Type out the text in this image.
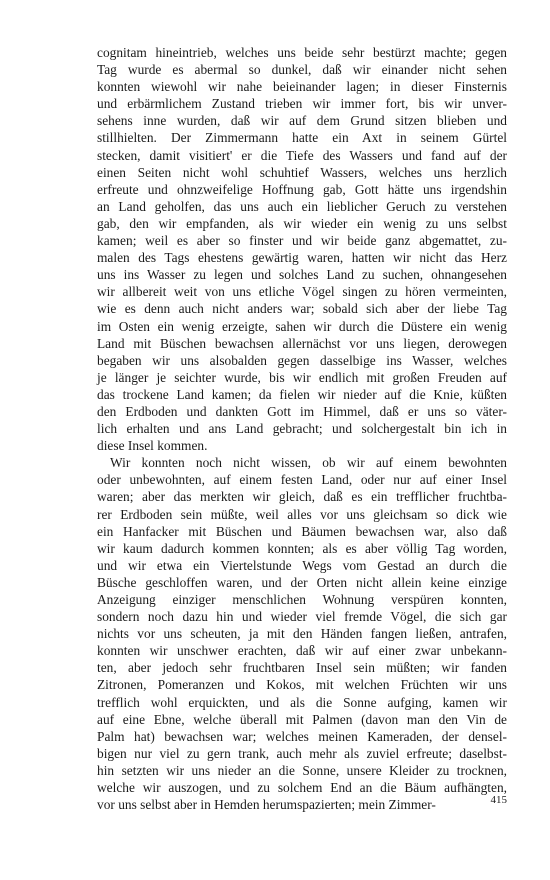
cognitam hineintrieb, welches uns beide sehr bestürzt machte; gegen
Tag wurde es abermal so dunkel, daß wir einander nicht sehen
konnten wiewohl wir nahe beieinander lagen; in dieser Finsternis
und erbärmlichem Zustand trieben wir immer fort, bis wir unver-
sehens inne wurden, daß wir auf dem Grund sitzen blieben und
stillhielten. Der Zimmermann hatte ein Axt in seinem Gürtel
stecken, damit visitiert' er die Tiefe des Wassers und fand auf der
einen Seiten nicht wohl schuhtief Wassers, welches uns herzlich
erfreute und ohnzweifelige Hoffnung gab, Gott hätte uns irgendshin
an Land geholfen, das uns auch ein lieblicher Geruch zu verstehen
gab, den wir empfanden, als wir wieder ein wenig zu uns selbst
kamen; weil es aber so finster und wir beide ganz abgemattet, zu-
malen des Tags ehestens gewärtig waren, hatten wir nicht das Herz
uns ins Wasser zu legen und solches Land zu suchen, ohnangesehen
wir allbereit weit von uns etliche Vögel singen zu hören vermeinten,
wie es denn auch nicht anders war; sobald sich aber der liebe Tag
im Osten ein wenig erzeigte, sahen wir durch die Düstere ein wenig
Land mit Büschen bewachsen allernächst vor uns liegen, derowegen
begaben wir uns alsobalden gegen dasselbige ins Wasser, welches
je länger je seichter wurde, bis wir endlich mit großen Freuden auf
das trockene Land kamen; da fielen wir nieder auf die Knie, küßten
den Erdboden und dankten Gott im Himmel, daß er uns so väter-
lich erhalten und ans Land gebracht; und solchergestalt bin ich in
diese Insel kommen.
Wir konnten noch nicht wissen, ob wir auf einem bewohnten
oder unbewohnten, auf einem festen Land, oder nur auf einer Insel
waren; aber das merkten wir gleich, daß es ein trefflicher fruchtba-
rer Erdboden sein müßte, weil alles vor uns gleichsam so dick wie
ein Hanfacker mit Büschen und Bäumen bewachsen war, also daß
wir kaum dadurch kommen konnten; als es aber völlig Tag worden,
und wir etwa ein Viertelstunde Wegs vom Gestad an durch die
Büsche geschloffen waren, und der Orten nicht allein keine einzige
Anzeigung einziger menschlichen Wohnung verspüren konnten,
sondern noch dazu hin und wieder viel fremde Vögel, die sich gar
nichts vor uns scheuten, ja mit den Händen fangen ließen, antrafen,
konnten wir unschwer erachten, daß wir auf einer zwar unbekann-
ten, aber jedoch sehr fruchtbaren Insel sein müßten; wir fanden
Zitronen, Pomeranzen und Kokos, mit welchen Früchten wir uns
trefflich wohl erquickten, und als die Sonne aufging, kamen wir
auf eine Ebne, welche überall mit Palmen (davon man den Vin de
Palm hat) bewachsen war; welches meinen Kameraden, der densel-
bigen nur viel zu gern trank, auch mehr als zuviel erfreute; daselbst-
hin setzten wir uns nieder an die Sonne, unsere Kleider zu trocknen,
welche wir auszogen, und zu solchem End an die Bäum aufhängten,
vor uns selbst aber in Hemden herumspazierten; mein Zimmer-	415
